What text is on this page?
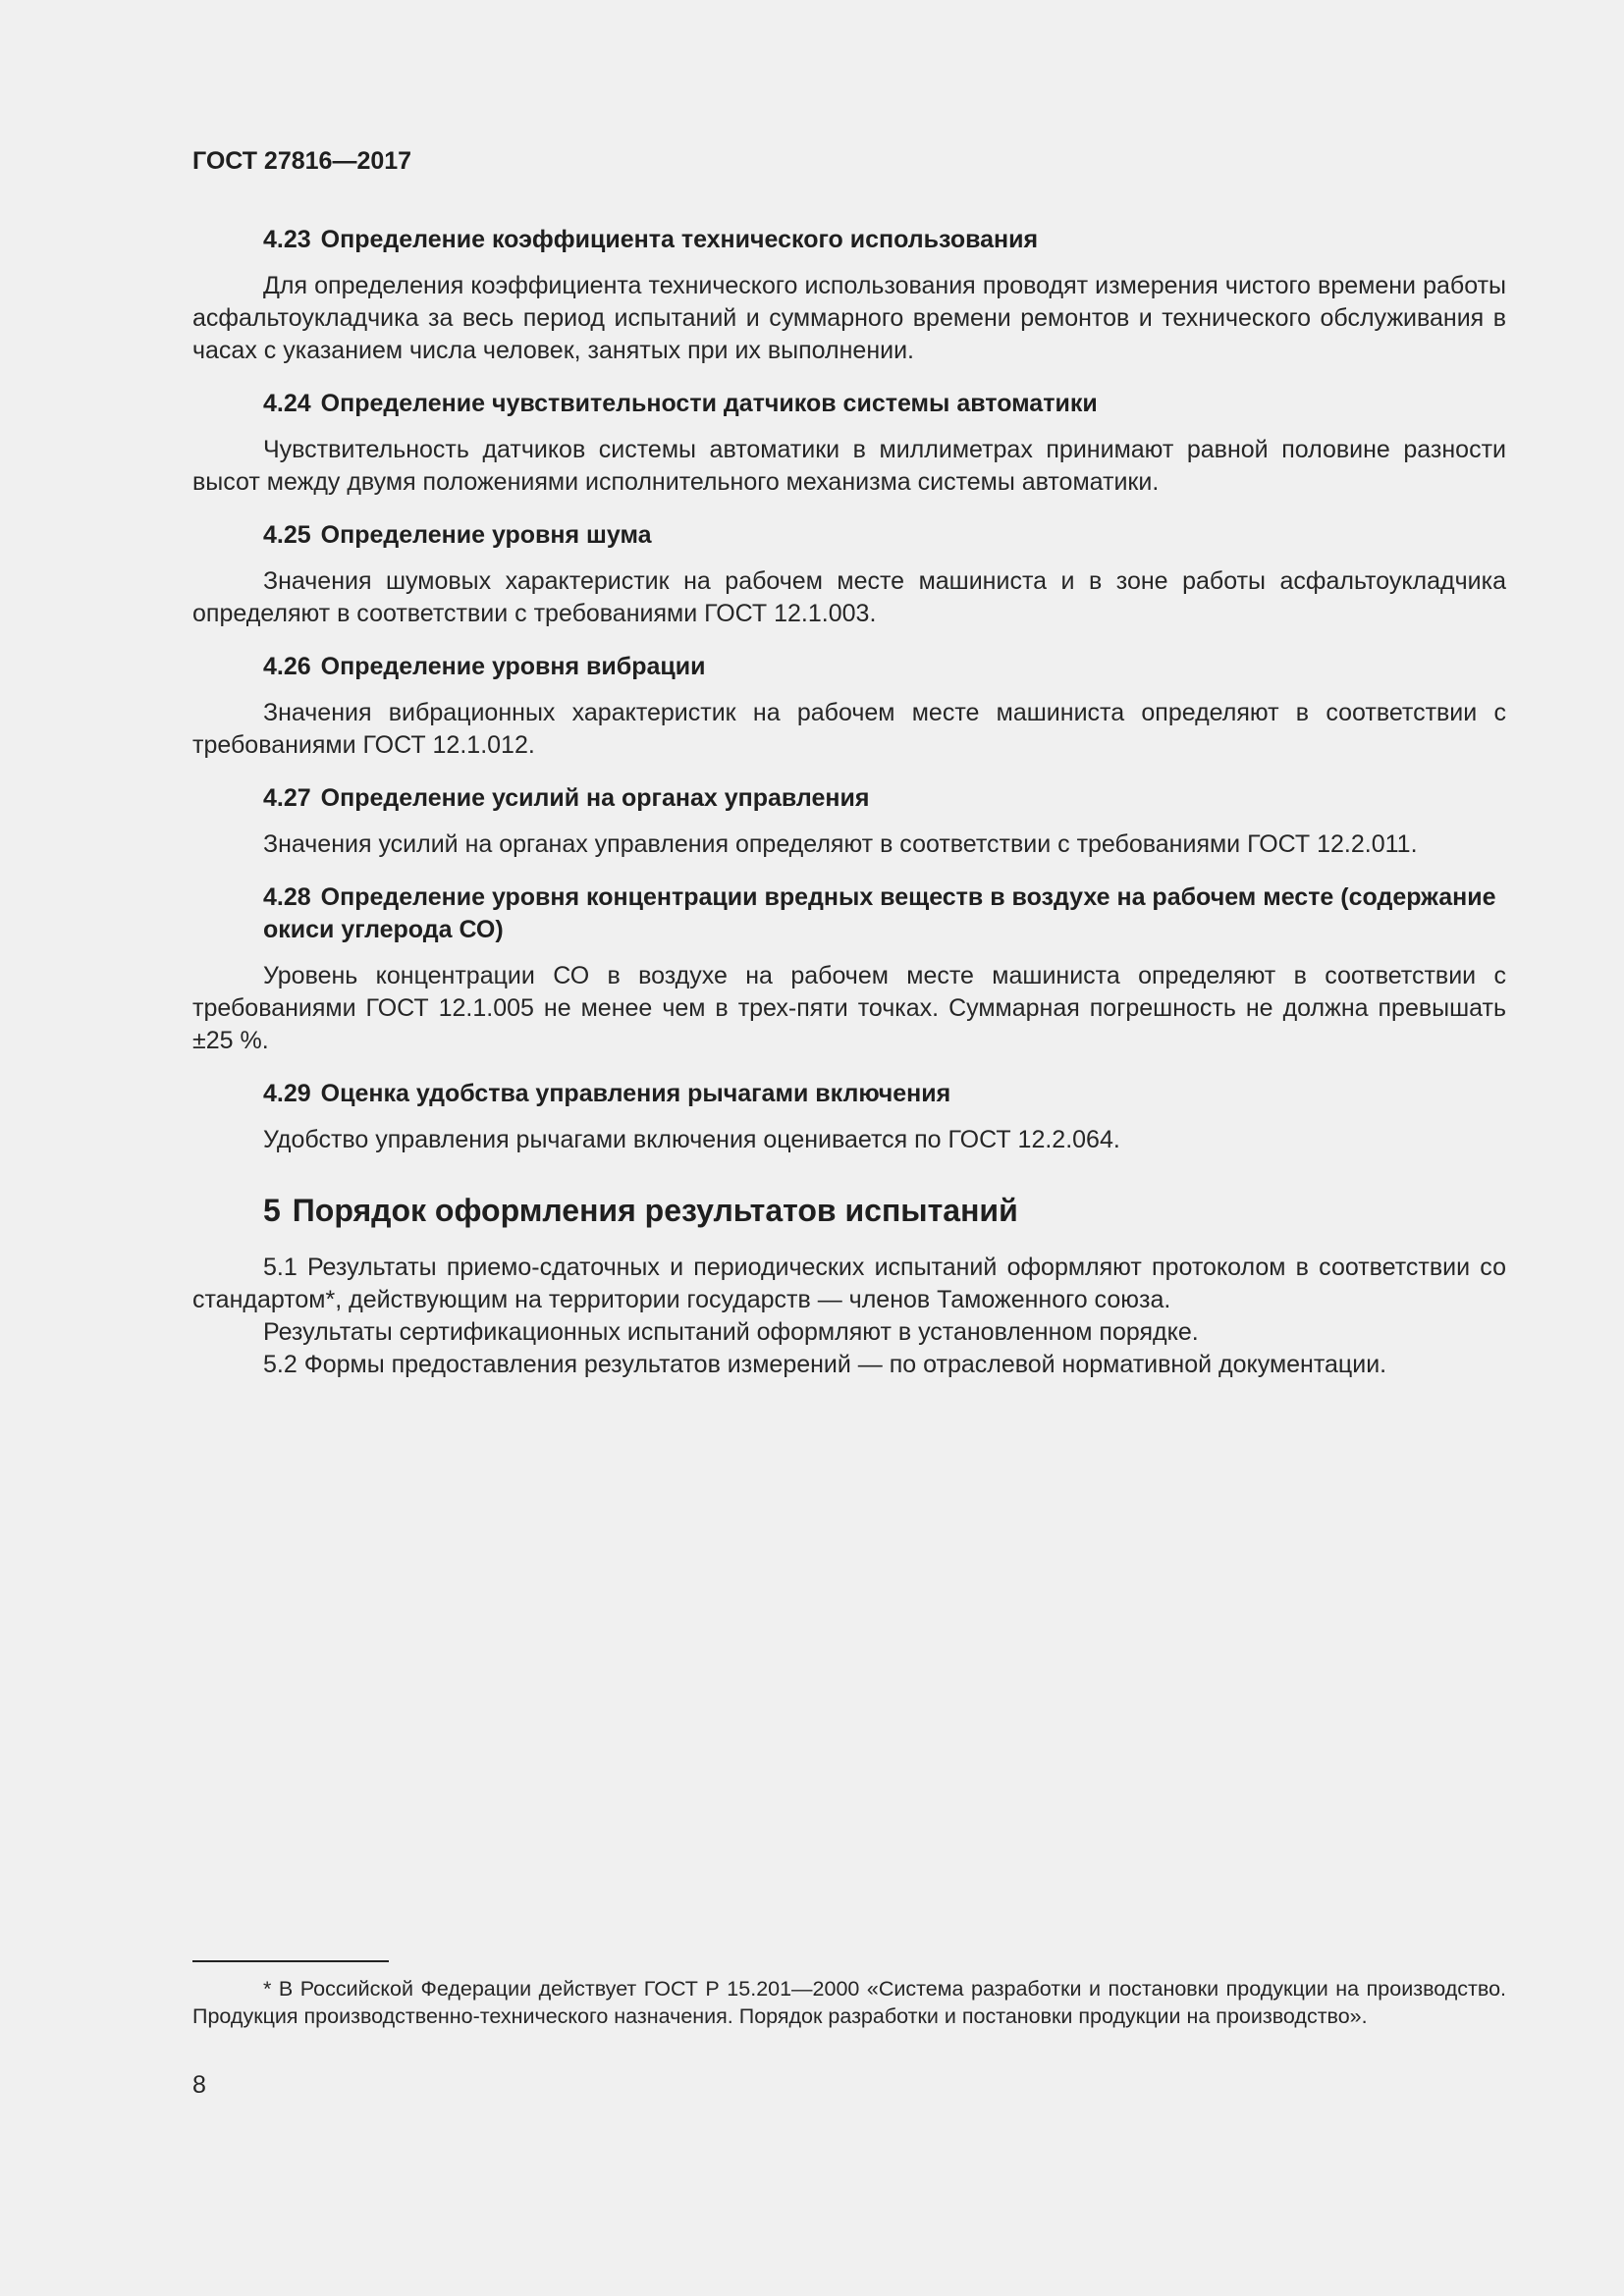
ГОСТ 27816—2017
4.23 Определение коэффициента технического использования

Для определения коэффициента технического использования проводят измерения чистого времени работы асфальтоукладчика за весь период испытаний и суммарного времени ремонтов и технического обслуживания в часах с указанием числа человек, занятых при их выполнении.

4.24 Определение чувствительности датчиков системы автоматики

Чувствительность датчиков системы автоматики в миллиметрах принимают равной половине разности высот между двумя положениями исполнительного механизма системы автоматики.

4.25 Определение уровня шума

Значения шумовых характеристик на рабочем месте машиниста и в зоне работы асфальтоукладчика определяют в соответствии с требованиями ГОСТ 12.1.003.

4.26 Определение уровня вибрации

Значения вибрационных характеристик на рабочем месте машиниста определяют в соответствии с требованиями ГОСТ 12.1.012.

4.27 Определение усилий на органах управления

Значения усилий на органах управления определяют в соответствии с требованиями ГОСТ 12.2.011.

4.28 Определение уровня концентрации вредных веществ в воздухе на рабочем месте (содержание окиси углерода СО)

Уровень концентрации СО в воздухе на рабочем месте машиниста определяют в соответствии с требованиями ГОСТ 12.1.005 не менее чем в трех-пяти точках. Суммарная погрешность не должна превышать ±25 %.

4.29 Оценка удобства управления рычагами включения

Удобство управления рычагами включения оценивается по ГОСТ 12.2.064.

5 Порядок оформления результатов испытаний

5.1 Результаты приемо-сдаточных и периодических испытаний оформляют протоколом в соответствии со стандартом*, действующим на территории государств — членов Таможенного союза.

Результаты сертификационных испытаний оформляют в установленном порядке.

5.2 Формы предоставления результатов измерений — по отраслевой нормативной документации.

* В Российской Федерации действует ГОСТ Р 15.201—2000 «Система разработки и постановки продукции на производство. Продукция производственно-технического назначения. Порядок разработки и постановки продукции на производство».

8
